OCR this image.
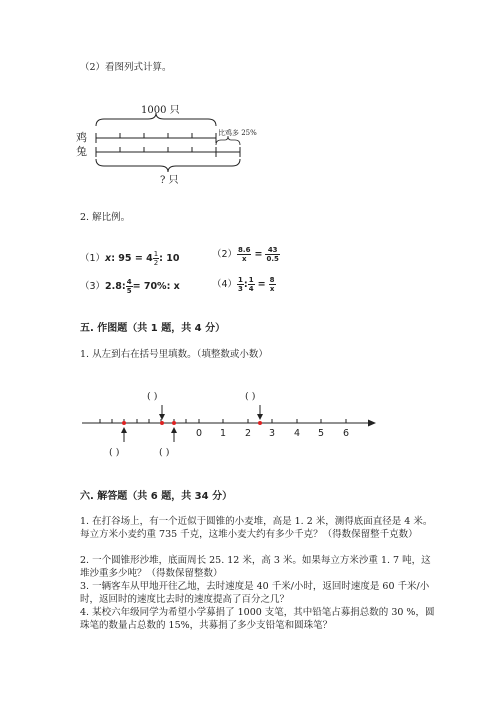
（2）看图列式计算。
1000 只
鸡
兔
比鸡多 25%
? 只
2. 解比例。
（1）x: $95 = 4 \frac{1}{2}$ : 10	$(2) \frac{8.6}{x} = \frac{43}{0.5}$
（3）2.8: $\frac{4}{5} = 70\%$: x	$(4) \frac{1}{3}$ : $\frac{1}{4} = \frac{8}{x}$
五. 作图题（共 1 题，共 4 分）
1. 从左到右在括号里填数。（填整数或小数）
( )	( )
( )	( )
0 1 2 3 4 5 6
六. 解答题（共 6 题，共 34 分）
1. 在打谷场上，有一个近似于圆锥的小麦堆，高是 1. 2 米，测得底面直径是 4 米。每立方米小麦约重 735 千克，这堆小麦大约有多少千克？（得数保留整千克数）
2. 一个圆锥形沙堆，底面周长 25. 12 米，高 3 米。如果每立方米沙重 1. 7 吨，这堆沙重多少吨？（得数保留整数）
3. 一辆客车从甲地开往乙地，去时速度是 40 千米/小时，返回时速度是 60 千米/小时，返回时的速度比去时的速度提高了百分之几？
4. 某校六年级同学为希望小学募捐了 1000 支笔，其中铅笔占募捐总数的 30 %，圆珠笔的数量占总数的 15%，共募捐了多少支铅笔和圆珠笔？
